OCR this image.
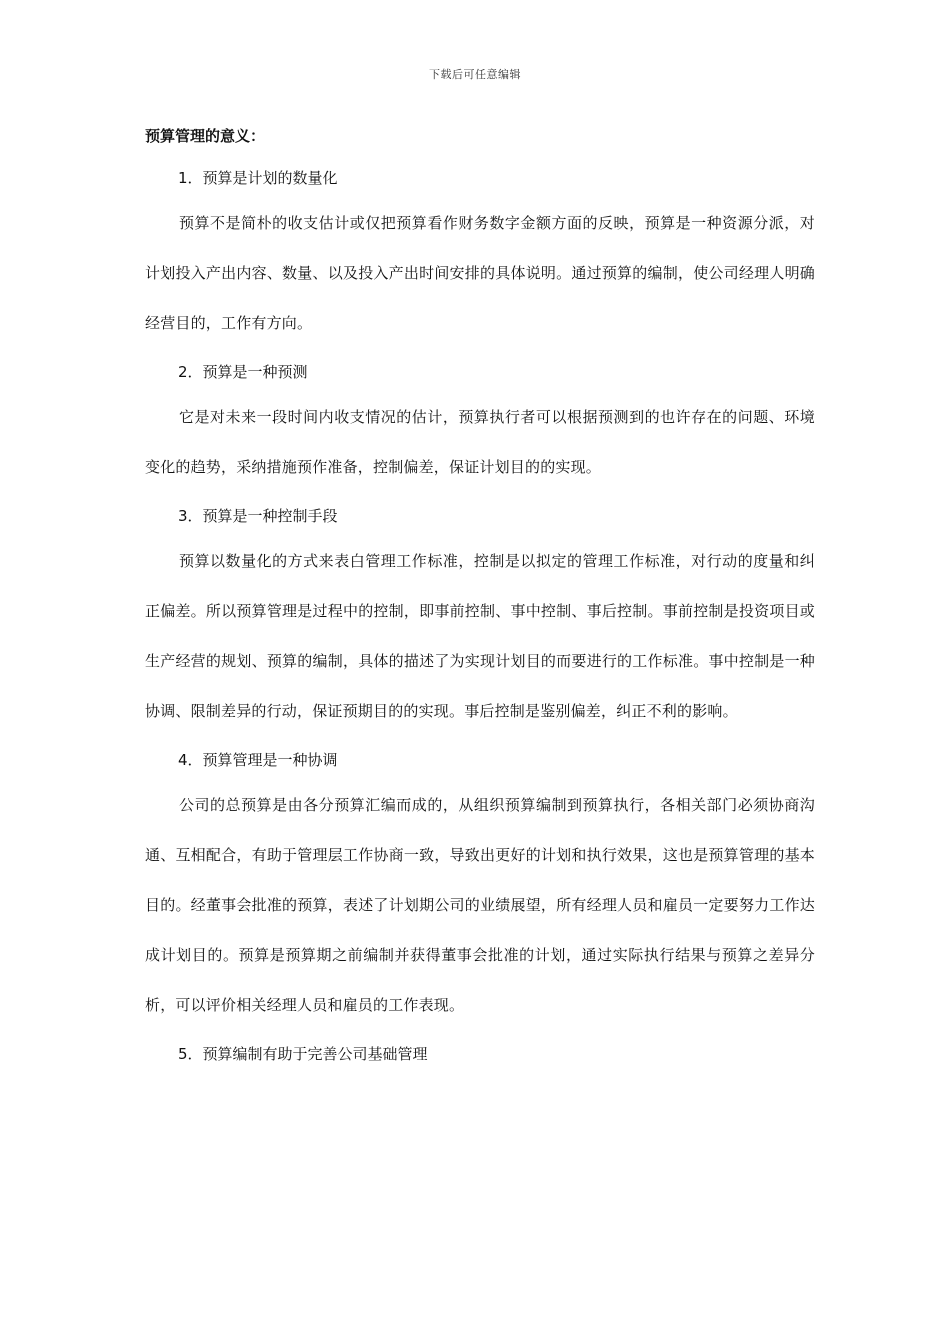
下载后可任意编辑
预算管理的意义：
1．预算是计划的数量化

预算不是简朴的收支估计或仅把预算看作财务数字金额方面的反映，预算是一种资源分派，对计划投入产出内容、数量、以及投入产出时间安排的具体说明。通过预算的编制，使公司经理人明确经营目的，工作有方向。

2．预算是一种预测

它是对未来一段时间内收支情况的估计，预算执行者可以根据预测到的也许存在的问题、环境变化的趋势，采纳措施预作准备，控制偏差，保证计划目的的实现。

3．预算是一种控制手段

预算以数量化的方式来表白管理工作标准，控制是以拟定的管理工作标准，对行动的度量和纠正偏差。所以预算管理是过程中的控制，即事前控制、事中控制、事后控制。事前控制是投资项目或生产经营的规划、预算的编制，具体的描述了为实现计划目的而要进行的工作标准。事中控制是一种协调、限制差异的行动，保证预期目的的实现。事后控制是鉴别偏差，纠正不利的影响。

4．预算管理是一种协调

公司的总预算是由各分预算汇编而成的，从组织预算编制到预算执行，各相关部门必须协商沟通、互相配合，有助于管理层工作协商一致，导致出更好的计划和执行效果，这也是预算管理的基本目的。经董事会批准的预算，表述了计划期公司的业绩展望，所有经理人员和雇员一定要努力工作达成计划目的。预算是预算期之前编制并获得董事会批准的计划，通过实际执行结果与预算之差异分析，可以评价相关经理人员和雇员的工作表现。

5．预算编制有助于完善公司基础管理
